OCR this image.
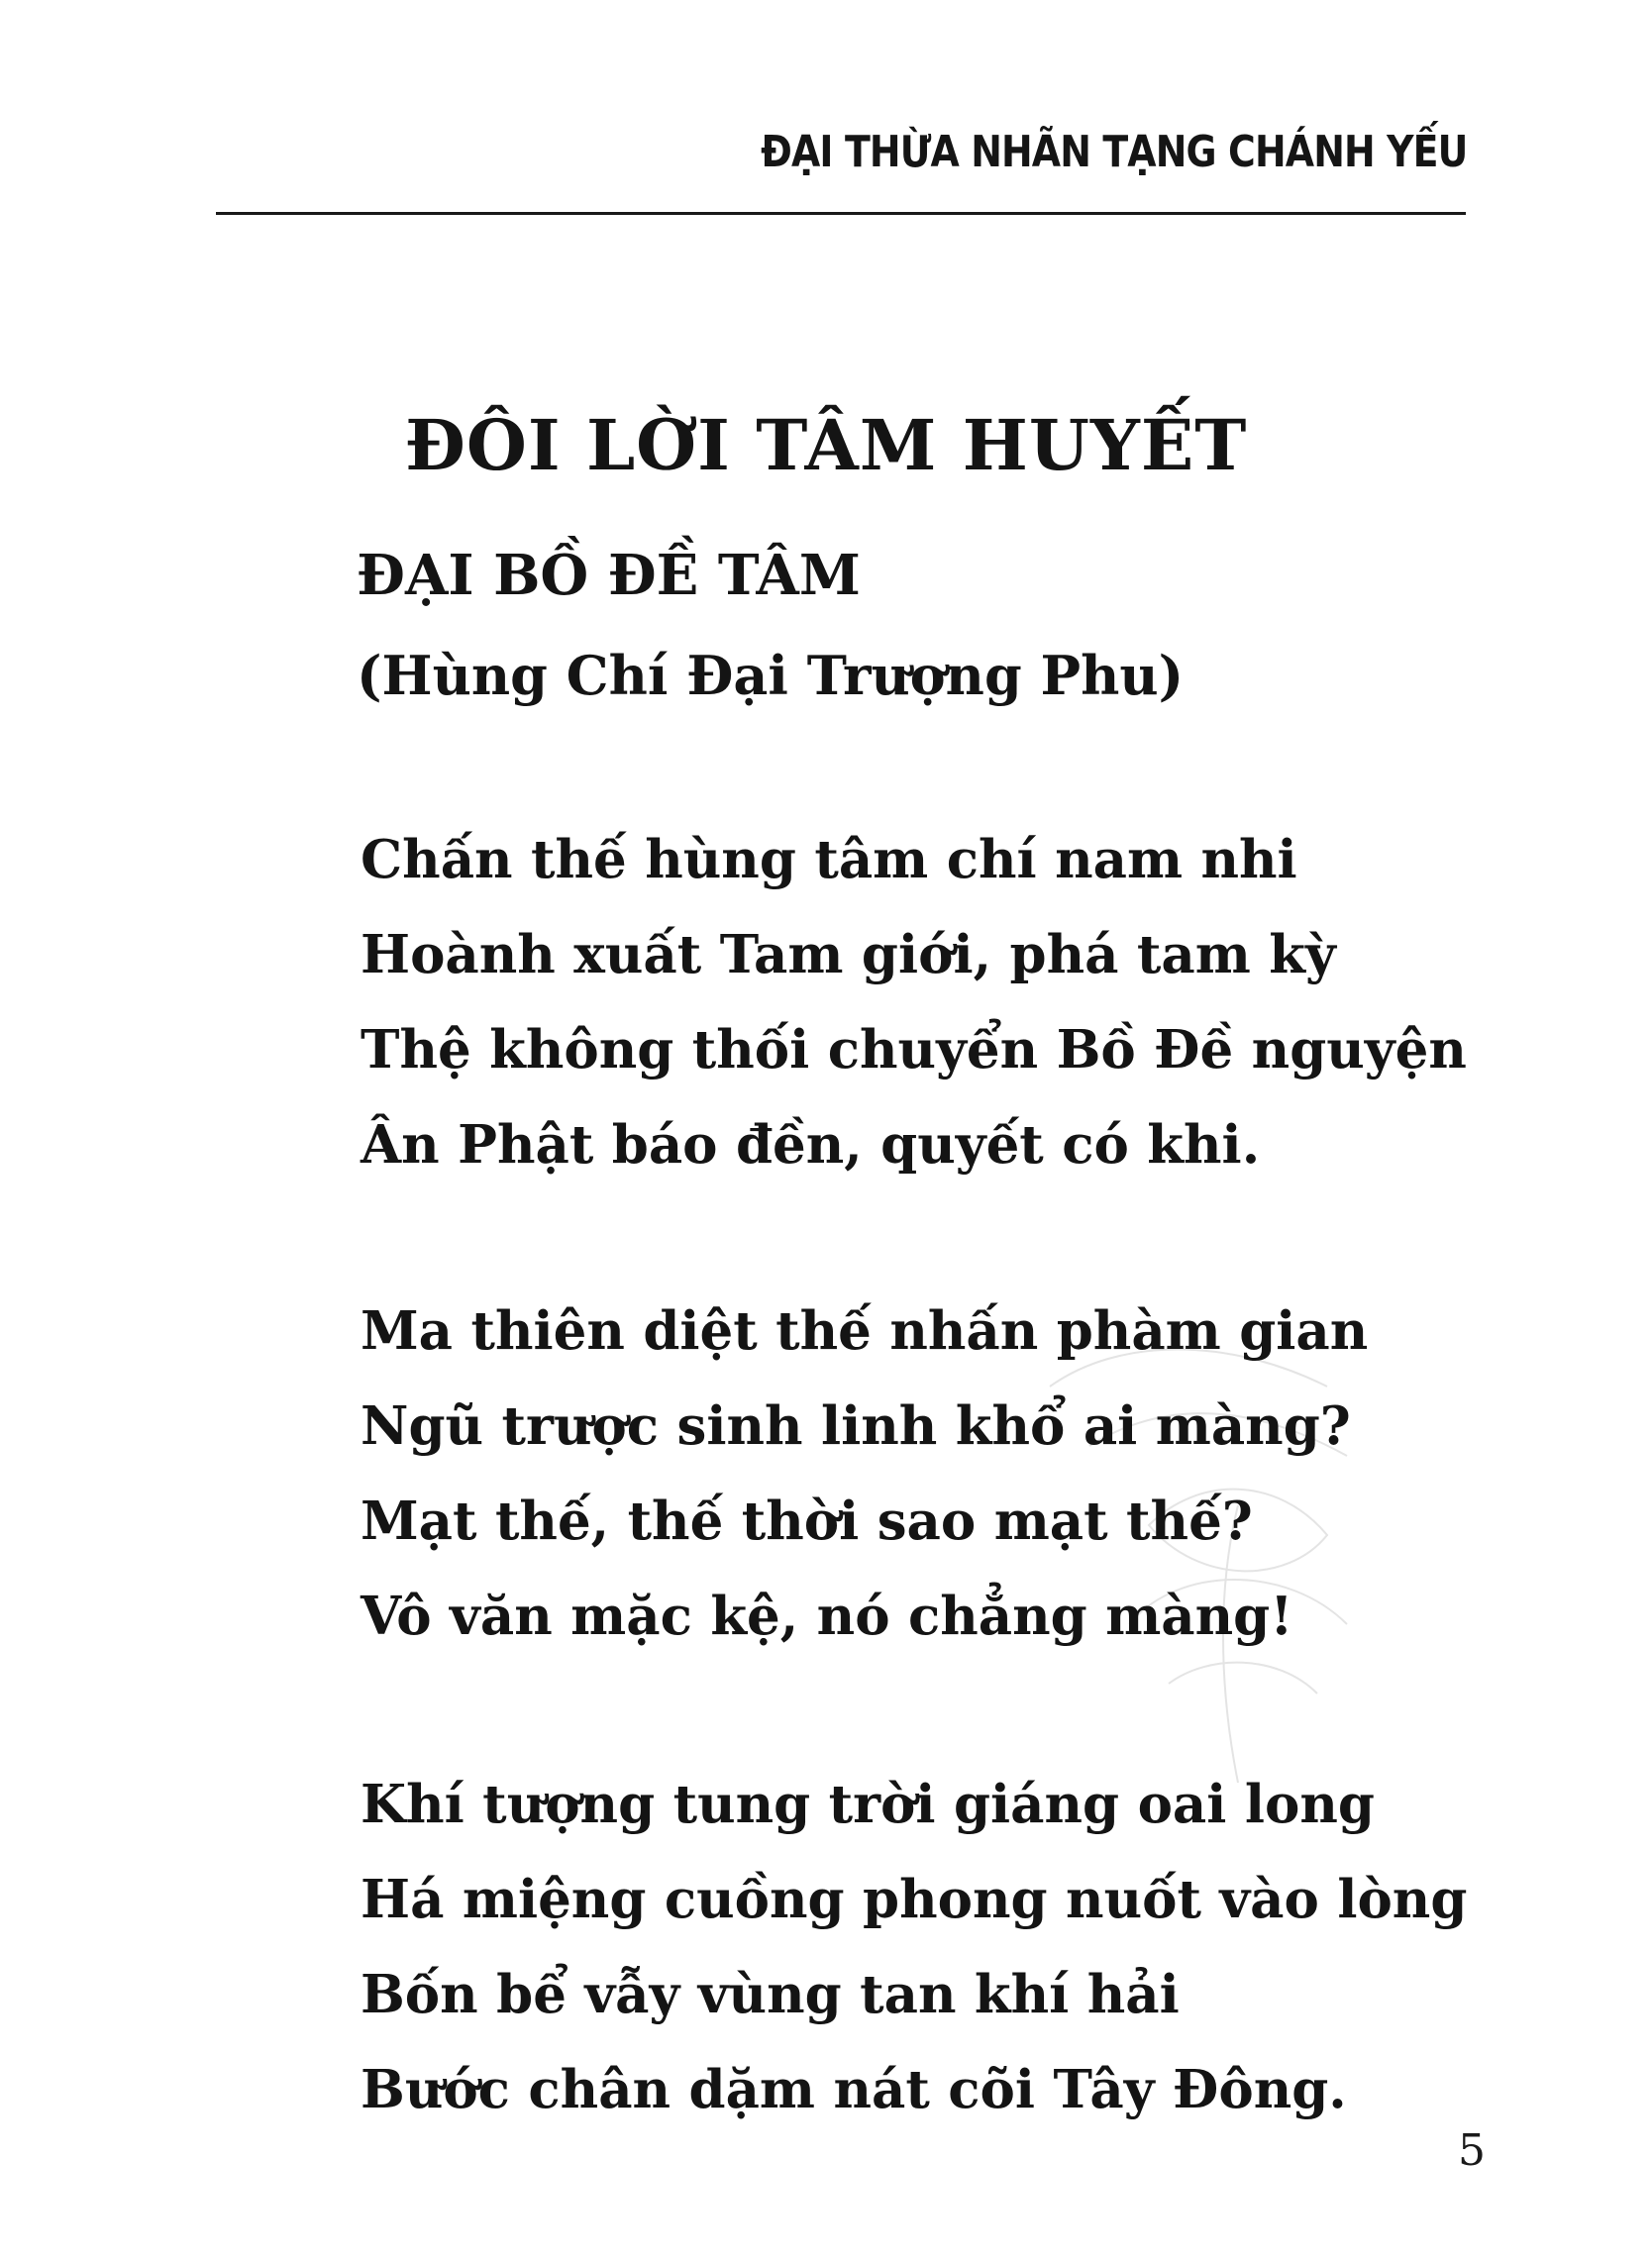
ĐẠI THỪA NHÃN TẠNG CHÁNH YẾU
ĐÔI LỜI TÂM HUYẾT
ĐẠI BỒ ĐỀ TÂM
(Hùng Chí Đại Trượng Phu)
Chấn thế hùng tâm chí nam nhi
Hoành xuất Tam giới, phá tam kỳ
Thệ không thối chuyển Bồ Đề nguyện
Ân Phật báo đền, quyết có khi.
Ma thiên diệt thế nhấn phàm gian
Ngũ trược sinh linh khổ ai màng?
Mạt thế, thế thời sao mạt thế?
Vô văn mặc kệ, nó chẳng màng!
Khí tượng tung trời giáng oai long
Há miệng cuồng phong nuốt vào lòng
Bốn bể vẫy vùng tan khí hải
Bước chân dặm nát cõi Tây Đông.
5
